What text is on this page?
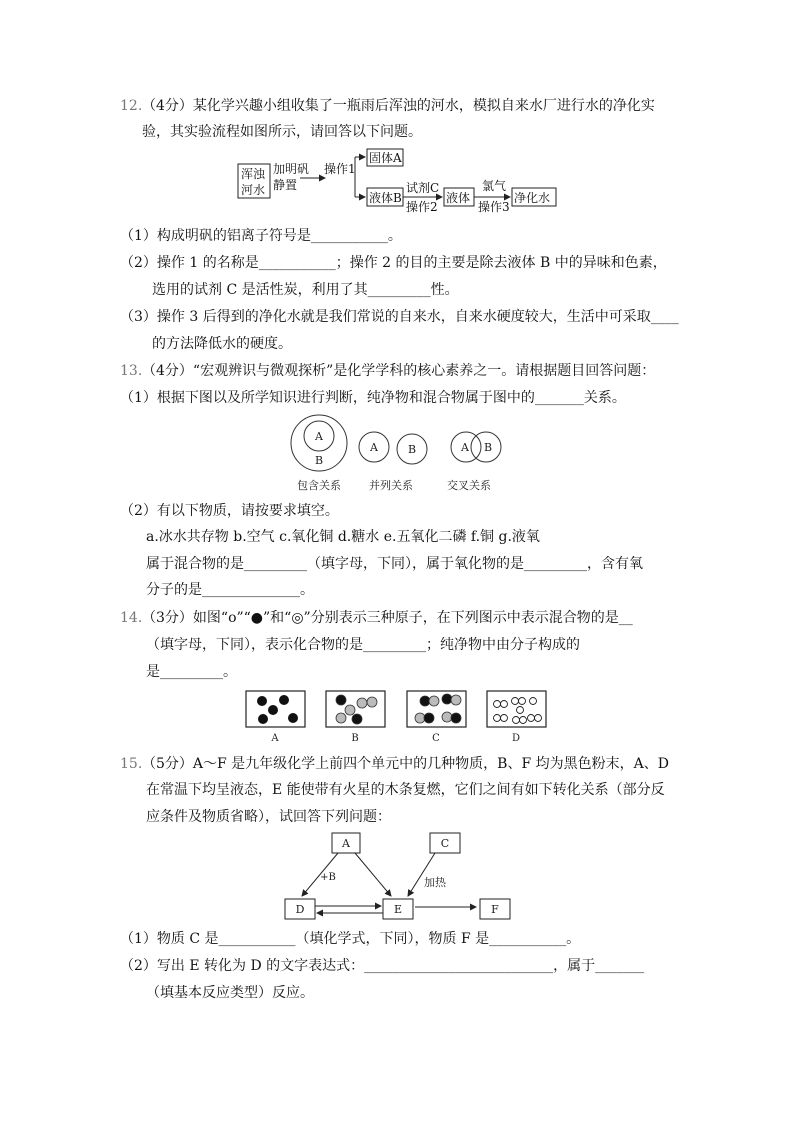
12. （4分）某化学兴趣小组收集了一瓶雨后浑浊的河水，模拟自来水厂进行水的净化实
验，其实验流程如图所示，请回答以下问题。
浑浊
河水
加明矾
静置
操作1
固体A
液体B
试剂C
操作2
液体
氯气
操作3
净化水
（1）构成明矾的铝离子符号是___________。
（2）操作 1 的名称是___________；操作 2 的目的主要是除去液体 B 中的异味和色素，
选用的试剂 C 是活性炭，利用了其_________性。
（3）操作 3 后得到的净化水就是我们常说的自来水，自来水硬度较大，生活中可采取____
的方法降低水的硬度。
13. （4分）“宏观辨识与微观探析”是化学学科的核心素养之一。请根据题目回答问题：
（1）根据下图以及所学知识进行判断，纯净物和混合物属于图中的_______关系。
A
B
A	B	A B
包含关系	并列关系	交叉关系
（2）有以下物质，请按要求填空。
a.冰水共存物 b.空气 c.氧化铜 d.糖水 e.五氧化二磷 f.铜 g.液氧
属于混合物的是_________（填字母，下同），属于氧化物的是_________，含有氧
分子的是______________。
14. （3分）如图“o”“●”和“◎”分别表示三种原子，在下列图示中表示混合物的是__
（填字母，下同），表示化合物的是_________；纯净物中由分子构成的
是_________。
A	B	C	D
15. （5分）A～F 是九年级化学上前四个单元中的几种物质，B、F 均为黑色粉末，A、D
在常温下均呈液态，E 能使带有火星的木条复燃，它们之间有如下转化关系（部分反
应条件及物质省略），试回答下列问题：
A	C
D	E	F
+B	加热
（1）物质 C 是___________（填化学式，下同），物质 F 是___________。
（2）写出 E 转化为 D 的文字表达式：___________________________，属于_______
（填基本反应类型）反应。
